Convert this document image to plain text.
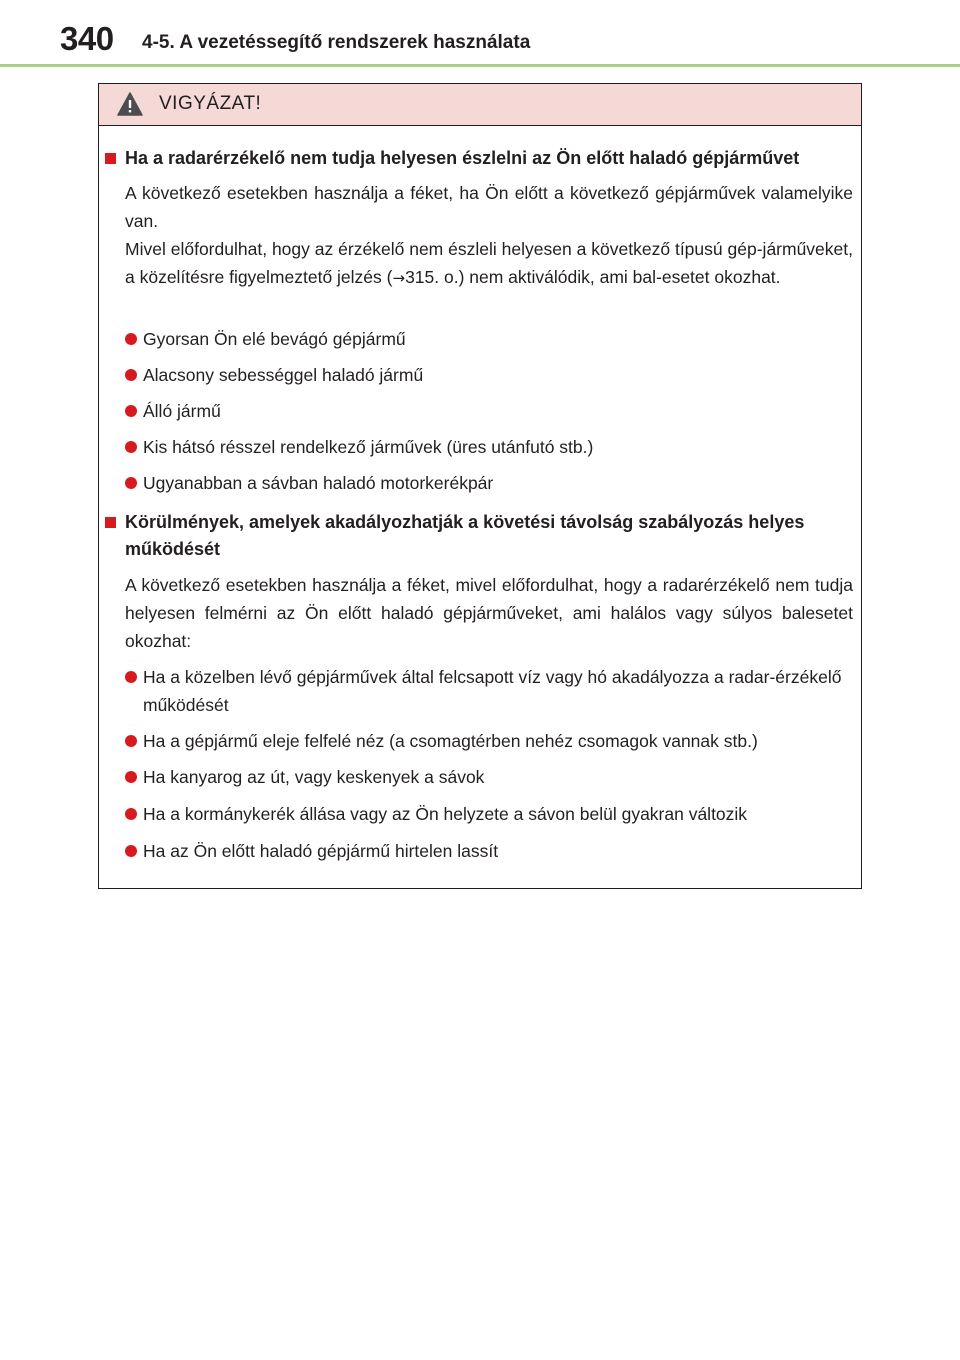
340 4-5. A vezetéssegítő rendszerek használata
VIGYÁZAT!
Ha a radarérzékelő nem tudja helyesen észlelni az Ön előtt haladó gépjárművet
A következő esetekben használja a féket, ha Ön előtt a következő gépjárművek valamelyike van.
Mivel előfordulhat, hogy az érzékelő nem észleli helyesen a következő típusú gép-járműveket, a közelítésre figyelmeztető jelzés (→315. o.) nem aktiválódik, ami bal-esetet okozhat.
Gyorsan Ön elé bevágó gépjármű
Alacsony sebességgel haladó jármű
Álló jármű
Kis hátsó résszel rendelkező járművek (üres utánfutó stb.)
Ugyanabban a sávban haladó motorkerékpár
Körülmények, amelyek akadályozhatják a követési távolság szabályozás helyes működését
A következő esetekben használja a féket, mivel előfordulhat, hogy a radarérzékelő nem tudja helyesen felmérni az Ön előtt haladó gépjárműveket, ami halálos vagy súlyos balesetet okozhat:
Ha a közelben lévő gépjárművek által felcsapott víz vagy hó akadályozza a radar-érzékelő működését
Ha a gépjármű eleje felfelé néz (a csomagtérben nehéz csomagok vannak stb.)
Ha kanyarog az út, vagy keskenyek a sávok
Ha a kormánykerék állása vagy az Ön helyzete a sávon belül gyakran változik
Ha az Ön előtt haladó gépjármű hirtelen lassít
